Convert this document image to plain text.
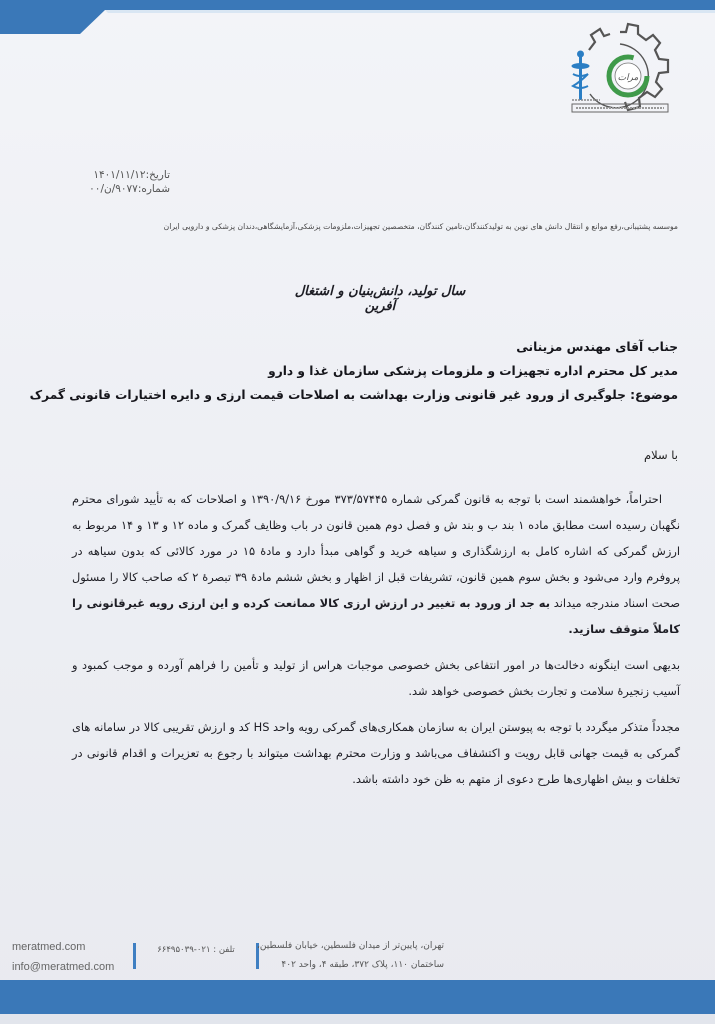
مرات
تاریخ:۱۴۰۱/۱۱/۱۲
شماره:۹۰۷۷/ن/۰۰
موسسه پشتیبانی،رفع موانع و انتقال دانش های نوین به تولیدکنندگان،تامین کنندگان، متخصصین تجهیزات،ملزومات پزشکی،آزمایشگاهی،دندان پزشکی و دارویی ایران
سال تولید، دانش‌بنیان و اشتغال آفرین
جناب آقای مهندس مزینانی
مدیر کل محترم اداره تجهیزات و ملزومات پزشکی سازمان غذا و دارو
موضوع: جلوگیری از ورود غیر قانونی وزارت بهداشت به اصلاحات قیمت ارزی و دایره اختیارات قانونی گمرک
با سلام

احتراماً، خواهشمند است با توجه به قانون گمرکی شماره ۳۷۳/۵۷۴۴۵ مورخ ۱۳۹۰/۹/۱۶ و اصلاحات که به تأیید شورای محترم نگهبان رسیده است مطابق ماده ۱ بند ب و بند ش و فصل دوم همین قانون در باب وظایف گمرک و ماده ۱۲ و ۱۳ و ۱۴ مربوط به ارزش گمرکی که اشاره کامل به ارزشگذاری و سیاهه خرید و گواهی مبدأ دارد و مادهٔ ۱۵ در مورد کالائی که بدون سیاهه در پروفرم وارد می‌شود و بخش سوم همین قانون، تشریفات قبل از اظهار و بخش ششم مادهٔ ۳۹ تبصرهٔ ۲ که صاحب کالا را مسئول صحت اسناد مندرجه میداند به جد از ورود به تغییر در ارزش ارزی کالا ممانعت کرده و این ارزی رویه غیرقانونی را کاملاً متوقف سازید.

بدیهی است اینگونه دخالت‌ها در امور انتفاعی بخش خصوصی موجبات هراس از تولید و تأمین را فراهم آورده و موجب کمبود و آسیب زنجیرهٔ سلامت و تجارت بخش خصوصی خواهد شد.

مجدداً متذکر میگردد با توجه به پیوستن ایران به سازمان همکاری‌های گمرکی رویه واحد HS کد و ارزش تقریبی کالا در سامانه های گمرکی به قیمت جهانی قابل رویت و اکتشفاف می‌باشد و وزارت محترم بهداشت میتواند با رجوع به تعزیرات و اقدام قانونی در تخلفات و بیش اظهاری‌ها طرح دعوی از متهم به ظن خود داشته باشد.

meratmed.com
info@meratmed.com
تلفن : ۰۲۱-۶۶۴۹۵۰۳۹	تهران، پایین‌تر از میدان فلسطین، خیابان فلسطین،
ساختمان ۱۱۰، پلاک ۳۷۲، طبقه ۴، واحد ۴۰۲
